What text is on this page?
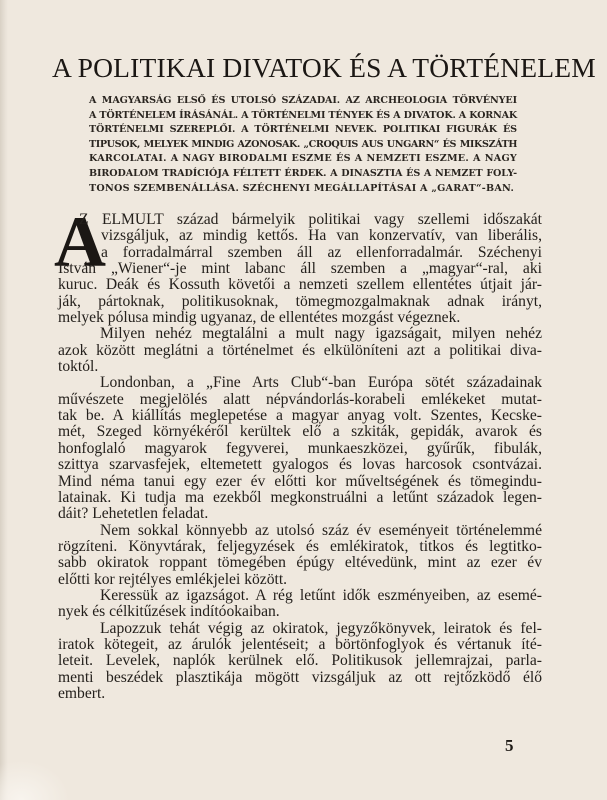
A POLITIKAI DIVATOK ÉS A TÖRTÉNELEM
A MAGYARSÁG ELSŐ ÉS UTOLSÓ SZÁZADAI. AZ ARCHEOLOGIA TÖRVÉNYEI
A TÖRTÉNELEM ÍRÁSÁNÁL. A TÖRTÉNELMI TÉNYEK ÉS A DIVATOK. A KORNAK
TÖRTÉNELMI SZEREPLŐI. A TÖRTÉNELMI NEVEK. POLITIKAI FIGURÁK ÉS
TIPUSOK, MELYEK MINDIG AZONOSAK. „CROQUIS AUS UNGARN“ ÉS MIKSZÁTH
KARCOLATAI. A NAGY BIRODALMI ESZME ÉS A NEMZETI ESZME. A NAGY
BIRODALOM TRADÍCIÓJA FÉLTETT ÉRDEK. A DINASZTIA ÉS A NEMZET FOLY-
TONOS SZEMBENÁLLÁSA. SZÉCHENYI MEGÁLLAPÍTÁSAI A „GARAT“-BAN.
A
Z ELMULT század bármelyik politikai vagy szellemi időszakát
vizsgáljuk, az mindig kettős. Ha van konzervatív, van liberális,
a forradalmárral szemben áll az ellenforradalmár. Széchenyi
István „Wiener“-je mint labanc áll szemben a „magyar“-ral, aki
kuruc. Deák és Kossuth követői a nemzeti szellem ellentétes útjait jár-
ják, pártoknak, politikusoknak, tömegmozgalmaknak adnak irányt,
melyek pólusa mindig ugyanaz, de ellentétes mozgást végeznek.
Milyen nehéz megtalálni a mult nagy igazságait, milyen nehéz
azok között meglátni a történelmet és elkülöníteni azt a politikai diva-
toktól.
Londonban, a „Fine Arts Club“-ban Európa sötét századainak
művészete megjelölés alatt népvándorlás-korabeli emlékeket mutat-
tak be. A kiállítás meglepetése a magyar anyag volt. Szentes, Kecske-
mét, Szeged környékéről kerültek elő a szkiták, gepidák, avarok és
honfoglaló magyarok fegyverei, munkaeszközei, gyűrűk, fibulák,
szittya szarvasfejek, eltemetett gyalogos és lovas harcosok csontvázai.
Mind néma tanui egy ezer év előtti kor műveltségének és tömegindu-
latainak. Ki tudja ma ezekből megkonstruálni a letűnt századok legen-
dáit? Lehetetlen feladat.
Nem sokkal könnyebb az utolsó száz év eseményeit történelemmé
rögzíteni. Könyvtárak, feljegyzések és emlékiratok, titkos és legtitko-
sabb okiratok roppant tömegében épúgy eltévedünk, mint az ezer év
előtti kor rejtélyes emlékjelei között.
Keressük az igazságot. A rég letűnt idők eszményeiben, az esemé-
nyek és célkitűzések indítóokaiban.
Lapozzuk tehát végig az okiratok, jegyzőkönyvek, leiratok és fel-
iratok kötegeit, az árulók jelentéseit; a börtönfoglyok és vértanuk íté-
leteit. Levelek, naplók kerülnek elő. Politikusok jellemrajzai, parla-
menti beszédek plasztikája mögött vizsgáljuk az ott rejtőzködő élő
embert.
5
